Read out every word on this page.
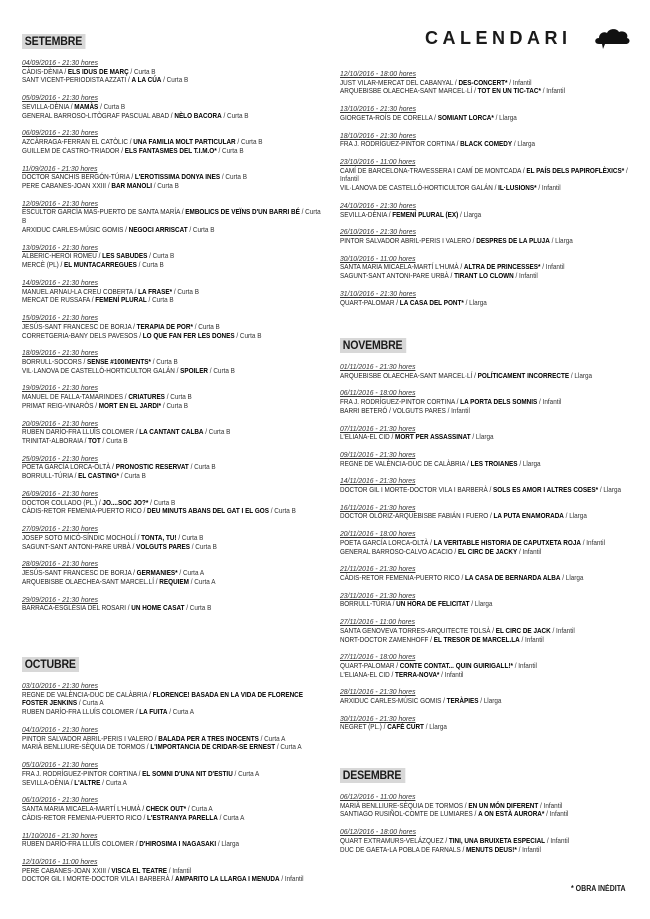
CALENDARI
SETEMBRE
04/09/2016 - 21:30 hores
CÀDIS-DÈNIA / ELS IDUS DE MARÇ / Curta B
SANT VICENT-PERIODISTA AZZATI / A LA CÚA / Curta B
05/09/2016 - 21:30 hores
SEVILLA-DÈNIA / MAMÀS / Curta B
GENERAL BARROSO-LITÒGRAF PASCUAL ABAD / NÈLO BACORA / Curta B
06/09/2016 - 21:30 hores
AZCÀRRAGA-FERRAN EL CATÒLIC / UNA FAMILIA MOLT PARTICULAR / Curta B
GUILLEM DE CASTRO-TRIADOR / ELS FANTASMES DEL T.I.M.O* / Curta B
11/09/2016 - 21:30 hores
DOCTOR SANCHIS BERGÓN-TÚRIA / L'EROTISSIMA DONYA INES / Curta B
PERE CABANES-JOAN XXIII / BAR MANOLI / Curta B
12/09/2016 - 21:30 hores
ESCULTOR GARCÍA MAS-PUERTO DE SANTA MARÍA / EMBOLICS DE VEÏNS D'UN BARRI BÉ / Curta B
ARXIDUC CARLES-MÚSIC GOMIS / NEGOCI ARRISCAT / Curta B
13/09/2016 - 21:30 hores
ALBERIC-HEROI ROMEU / LES SABUDES / Curta B
MERCÈ (PL) / EL MUNTACARREGUES / Curta B
14/09/2016 - 21:30 hores
MANUEL ARNAU-LA CREU COBERTA / LA FRASE* / Curta B
MERCAT DE RUSSAFA / FEMENÍ PLURAL / Curta B
15/09/2016 - 21:30 hores
JESÚS-SANT FRANCESC DE BORJA / TERAPIA DE POR* / Curta B
CORRETGERIA-BANY DELS PAVESOS / LO QUE FAN FER LES DONES / Curta B
18/09/2016 - 21:30 hores
BORRULL-SOCORS / SENSE #100IMENTS* / Curta B
VIL·LANOVA DE CASTELLÓ-HORTICULTOR GALÁN / SPOILER / Curta B
19/09/2016 - 21:30 hores
MANUEL DE FALLA-TAMARINDES / CRIATURES / Curta B
PRIMAT REIG-VINARÒS / MORT EN EL JARDI* / Curta B
20/09/2016 - 21:30 hores
RUBEN DARÍO-FRA LLUÍS COLOMER / LA CANTANT CALBA / Curta B
TRINITAT-ALBORAIA / TOT / Curta B
25/09/2016 - 21:30 hores
POETA GARCÍA LORCA-OLTÀ / PRONOSTIC RESERVAT / Curta B
BORRULL-TÚRIA / EL CASTING* / Curta B
26/09/2016 - 21:30 hores
DOCTOR COLLADO (PL.) / JO....SOC JO?* / Curta B
CÀDIS-RETOR FEMENIA-PUERTO RICO / DEU MINUTS ABANS DEL GAT I EL GOS / Curta B
27/09/2016 - 21:30 hores
JOSEP SOTO MICÓ-SÍNDIC MOCHOLÍ / TONTA, TU! / Curta B
SAGUNT-SANT ANTONI-PARE URBÀ / VOLGUTS PARES / Curta B
28/09/2016 - 21:30 hores
JESÚS-SANT FRANCESC DE BORJA / GERMANIES* / Curta A
ARQUEBISBE OLAECHEA-SANT MARCEL.LÍ / REQUIEM / Curta A
29/09/2016 - 21:30 hores
BARRACA-ESGLÉSIA DEL ROSARI / UN HOME CASAT / Curta B
OCTUBRE
03/10/2016 - 21:30 hores
REGNE DE VALÈNCIA-DUC DE CALÀBRIA / FLORENCE! BASADA EN LA VIDA DE FLORENCE FOSTER JENKINS / Curta A
RUBEN DARÍO-FRA LLUÍS COLOMER / LA FUITA / Curta A
04/10/2016 - 21:30 hores
PINTOR SALVADOR ABRIL-PERIS I VALERO / BALADA PER A TRES INOCENTS / Curta A
MARIÀ BENLLIURE-SÈQUIA DE TORMOS / L'IMPORTANCIA DE CRIDAR-SE ERNEST / Curta A
05/10/2016 - 21:30 hores
FRA J. RODRÍGUEZ-PINTOR CORTINA / EL SOMNI D'UNA NIT D'ESTIU / Curta A
SEVILLA-DÈNIA / L'ALTRE / Curta A
06/10/2016 - 21:30 hores
SANTA MARIA MICAELA-MARTÍ L'HUMÀ / CHECK OUT* / Curta A
CÀDIS-RETOR FEMENIA-PUERTO RICO / L'ESTRANYA PARELLA / Curta A
11/10/2016 - 21:30 hores
RUBEN DARÍO-FRA LLUÍS COLOMER / D'HIROSIMA I NAGASAKI / Llarga
12/10/2016 - 11:00 hores
PERE CABANES-JOAN XXIII / VISCA EL TEATRE / Infantil
DOCTOR GIL I MORTE-DOCTOR VILA I BARBERÀ / AMPARITO LA LLARGA I MENUDA / Infantil
12/10/2016 - 18:00 hores
JUST VILAR-MERCAT DEL CABANYAL / DES-CONCERT* / Infantil
ARQUEBISBE OLAECHEA-SANT MARCEL·LÍ / TOT EN UN TIC-TAC* / Infantil
13/10/2016 - 21:30 hores
GIORGETA-ROÍS DE CORELLA / SOMIANT LORCA* / Llarga
18/10/2016 - 21:30 hores
FRA J. RODRÍGUEZ-PINTOR CORTINA / BLACK COMEDY / Llarga
23/10/2016 - 11:00 hores
CAMÍ DE BARCELONA-TRAVESSERA I CAMÍ DE MONTCADA / EL PAÍS DELS PAPIROFLÈXICS* / Infantil
VIL·LANOVA DE CASTELLÓ-HORTICULTOR GALÁN / IL·LUSIONS* / Infantil
24/10/2016 - 21:30 hores
SEVILLA-DÈNIA / FEMENÍ PLURAL (EX) / Llarga
26/10/2016 - 21:30 hores
PINTOR SALVADOR ABRIL-PERIS I VALERO / DESPRES DE LA PLUJA / Llarga
30/10/2016 - 11:00 hores
SANTA MARIA MICAELA-MARTÍ L'HUMÀ / ALTRA DE PRINCESSES* / Infantil
SAGUNT-SANT ANTONI-PARE URBÀ / TIRANT LO CLOWN / Infantil
31/10/2016 - 21:30 hores
QUART-PALOMAR / LA CASA DEL PONT* / Llarga
NOVEMBRE
01/11/2016 - 21:30 hores
ARQUEBISBE OLAECHEA-SANT MARCEL·LÍ / POLÍTICAMENT INCORRECTE / Llarga
06/11/2016 - 18:00 hores
FRA J. RODRÍGUEZ-PINTOR CORTINA / LA PORTA DELS SOMNIS / Infantil
BARRI BETERÓ / VOLGUTS PARES / Infantil
07/11/2016 - 21:30 hores
L'ELIANA-EL CID / MORT PER ASSASSINAT / Llarga
09/11/2016 - 21:30 hores
REGNE DE VALÈNCIA-DUC DE CALÀBRIA / LES TROIANES / Llarga
14/11/2016 - 21:30 hores
DOCTOR GIL I MORTE-DOCTOR VILA I BARBERÀ / SOLS ES AMOR I ALTRES COSES* / Llarga
16/11/2016 - 21:30 hores
DOCTOR OLÒRIZ-ARQUEBISBE FABIÁN I FUERO / LA PUTA ENAMORADA / Llarga
20/11/2016 - 18:00 hores
POETA GARCÍA LORCA-OLTÀ / LA VERITABLE HISTORIA DE CAPUTXETA ROJA / Infantil
GENERAL BARROSO-CALVO ACACIO / EL CIRC DE JACKY / Infantil
21/11/2016 - 21:30 hores
CÀDIS-RETOR FEMENIA-PUERTO RICO / LA CASA DE BERNARDA ALBA / Llarga
23/11/2016 - 21:30 hores
BORRULL-TÚRIA / UN HORA DE FELICITAT / Llarga
27/11/2016 - 11:00 hores
SANTA GENOVEVA TORRES-ARQUITECTE TOLSÀ / EL CIRC DE JACK / Infantil
NORT-DOCTOR ZAMENHOFF / EL TRESOR DE MARCEL.LA / Infantil
27/11/2016 - 18:00 hores
QUART-PALOMAR / CONTE CONTAT... QUIN GUIRIGALL!* / Infantil
L'ELIANA-EL CID / TERRA-NOVA* / Infantil
28/11/2016 - 21:30 hores
ARXIDUC CARLES-MÚSIC GOMIS / TERÀPIES / Llarga
30/11/2016 - 21:30 hores
NEGRET (PL.) / CAFÉ CURT / Llarga
DESEMBRE
06/12/2016 - 11:00 hores
MARIÀ BENLLIURE-SÈQUIA DE TORMOS / EN UN MÓN DIFERENT / Infantil
SANTIAGO RUSIÑOL-COMTE DE LUMIARES / A ON ESTÀ AURORA* / Infantil
06/12/2016 - 18:00 hores
QUART EXTRAMURS-VELÁZQUEZ / TINI, UNA BRUIXETA ESPECIAL / Infantil
DUC DE GAETA-LA POBLA DE FARNALS / MENUTS DEUS!* / Infantil
* OBRA INÈDITA
